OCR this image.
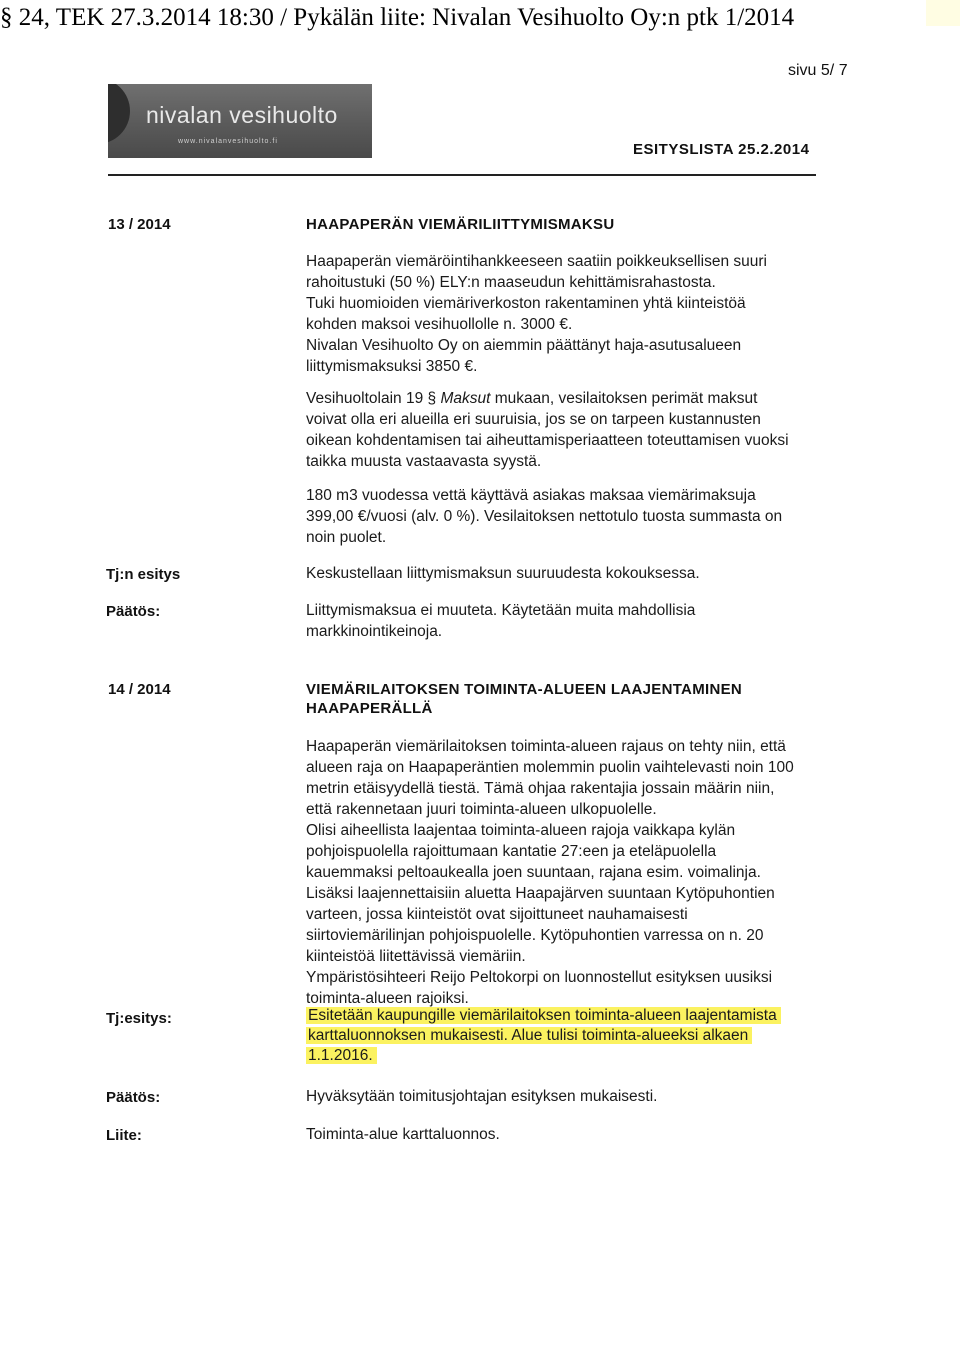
§ 24, TEK 27.3.2014 18:30 / Pykälän liite: Nivalan Vesihuolto Oy:n ptk 1/2014
sivu 5/ 7
nivalan vesihuolto
www.nivalanvesihuolto.fi	ESITYSLISTA 25.2.2014
13 / 2014	HAAPAPERÄN VIEMÄRILIITTYMISMAKSU
Haapaperän viemäröintihankkeeseen saatiin poikkeuksellisen suuri
rahoitustuki (50 %) ELY:n maaseudun kehittämisrahastosta.
Tuki huomioiden viemäriverkoston rakentaminen yhtä kiinteistöä
kohden maksoi vesihuollolle n. 3000 €.
Nivalan Vesihuolto Oy on aiemmin päättänyt haja-asutusalueen
liittymismaksuksi 3850 €.
Vesihuoltolain 19 § Maksut mukaan, vesilaitoksen perimät maksut
voivat olla eri alueilla eri suuruisia, jos se on tarpeen kustannusten
oikean kohdentamisen tai aiheuttamisperiaatteen toteuttamisen vuoksi
taikka muusta vastaavasta syystä.
180 m3 vuodessa vettä käyttävä asiakas maksaa viemärimaksuja
399,00 €/vuosi (alv. 0 %). Vesilaitoksen nettotulo tuosta summasta on
noin puolet.
Tj:n esitys	Keskustellaan liittymismaksun suuruudesta kokouksessa.
Päätös:	Liittymismaksua ei muuteta. Käytetään muita mahdollisia
markkinointikeinoja.
14 / 2014	VIEMÄRILAITOKSEN TOIMINTA-ALUEEN LAAJENTAMINEN
HAAPAPERÄLLÄ
Haapaperän viemärilaitoksen toiminta-alueen rajaus on tehty niin, että
alueen raja on Haapaperäntien molemmin puolin vaihtelevasti noin 100
metrin etäisyydellä tiestä. Tämä ohjaa rakentajia jossain määrin niin,
että rakennetaan juuri toiminta-alueen ulkopuolelle.
Olisi aiheellista laajentaa toiminta-alueen rajoja vaikkapa kylän
pohjoispuolella rajoittumaan kantatie 27:een ja eteläpuolella
kauemmaksi peltoaukealla joen suuntaan, rajana esim. voimalinja.
Lisäksi laajennettaisiin aluetta Haapajärven suuntaan Kytöpuhontien
varteen, jossa kiinteistöt ovat sijoittuneet nauhamaisesti
siirtoviemärilinjan pohjoispuolelle. Kytöpuhontien varressa on n. 20
kiinteistöä liitettävissä viemäriin.
Ympäristösihteeri Reijo Peltokorpi on luonnostellut esityksen uusiksi
toiminta-alueen rajoiksi.
Tj:esitys:	Esitetään kaupungille viemärilaitoksen toiminta-alueen laajentamista
karttaluonnoksen mukaisesti. Alue tulisi toiminta-alueeksi alkaen
1.1.2016.
Päätös:	Hyväksytään toimitusjohtajan esityksen mukaisesti.
Liite:	Toiminta-alue karttaluonnos.
